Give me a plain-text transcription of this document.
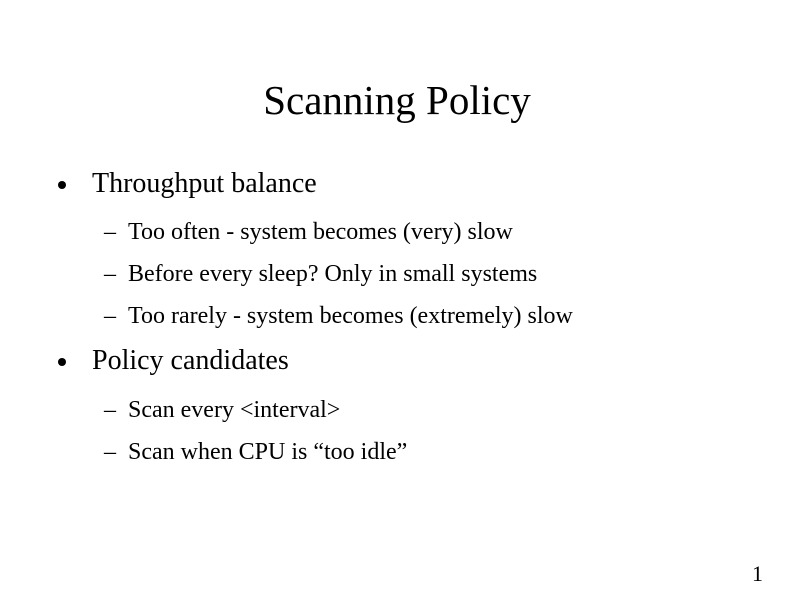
Scanning Policy
Throughput balance
– Too often - system becomes (very) slow
– Before every sleep? Only in small systems
– Too rarely - system becomes (extremely) slow
Policy candidates
– Scan every <interval>
– Scan when CPU is “too idle”
1
